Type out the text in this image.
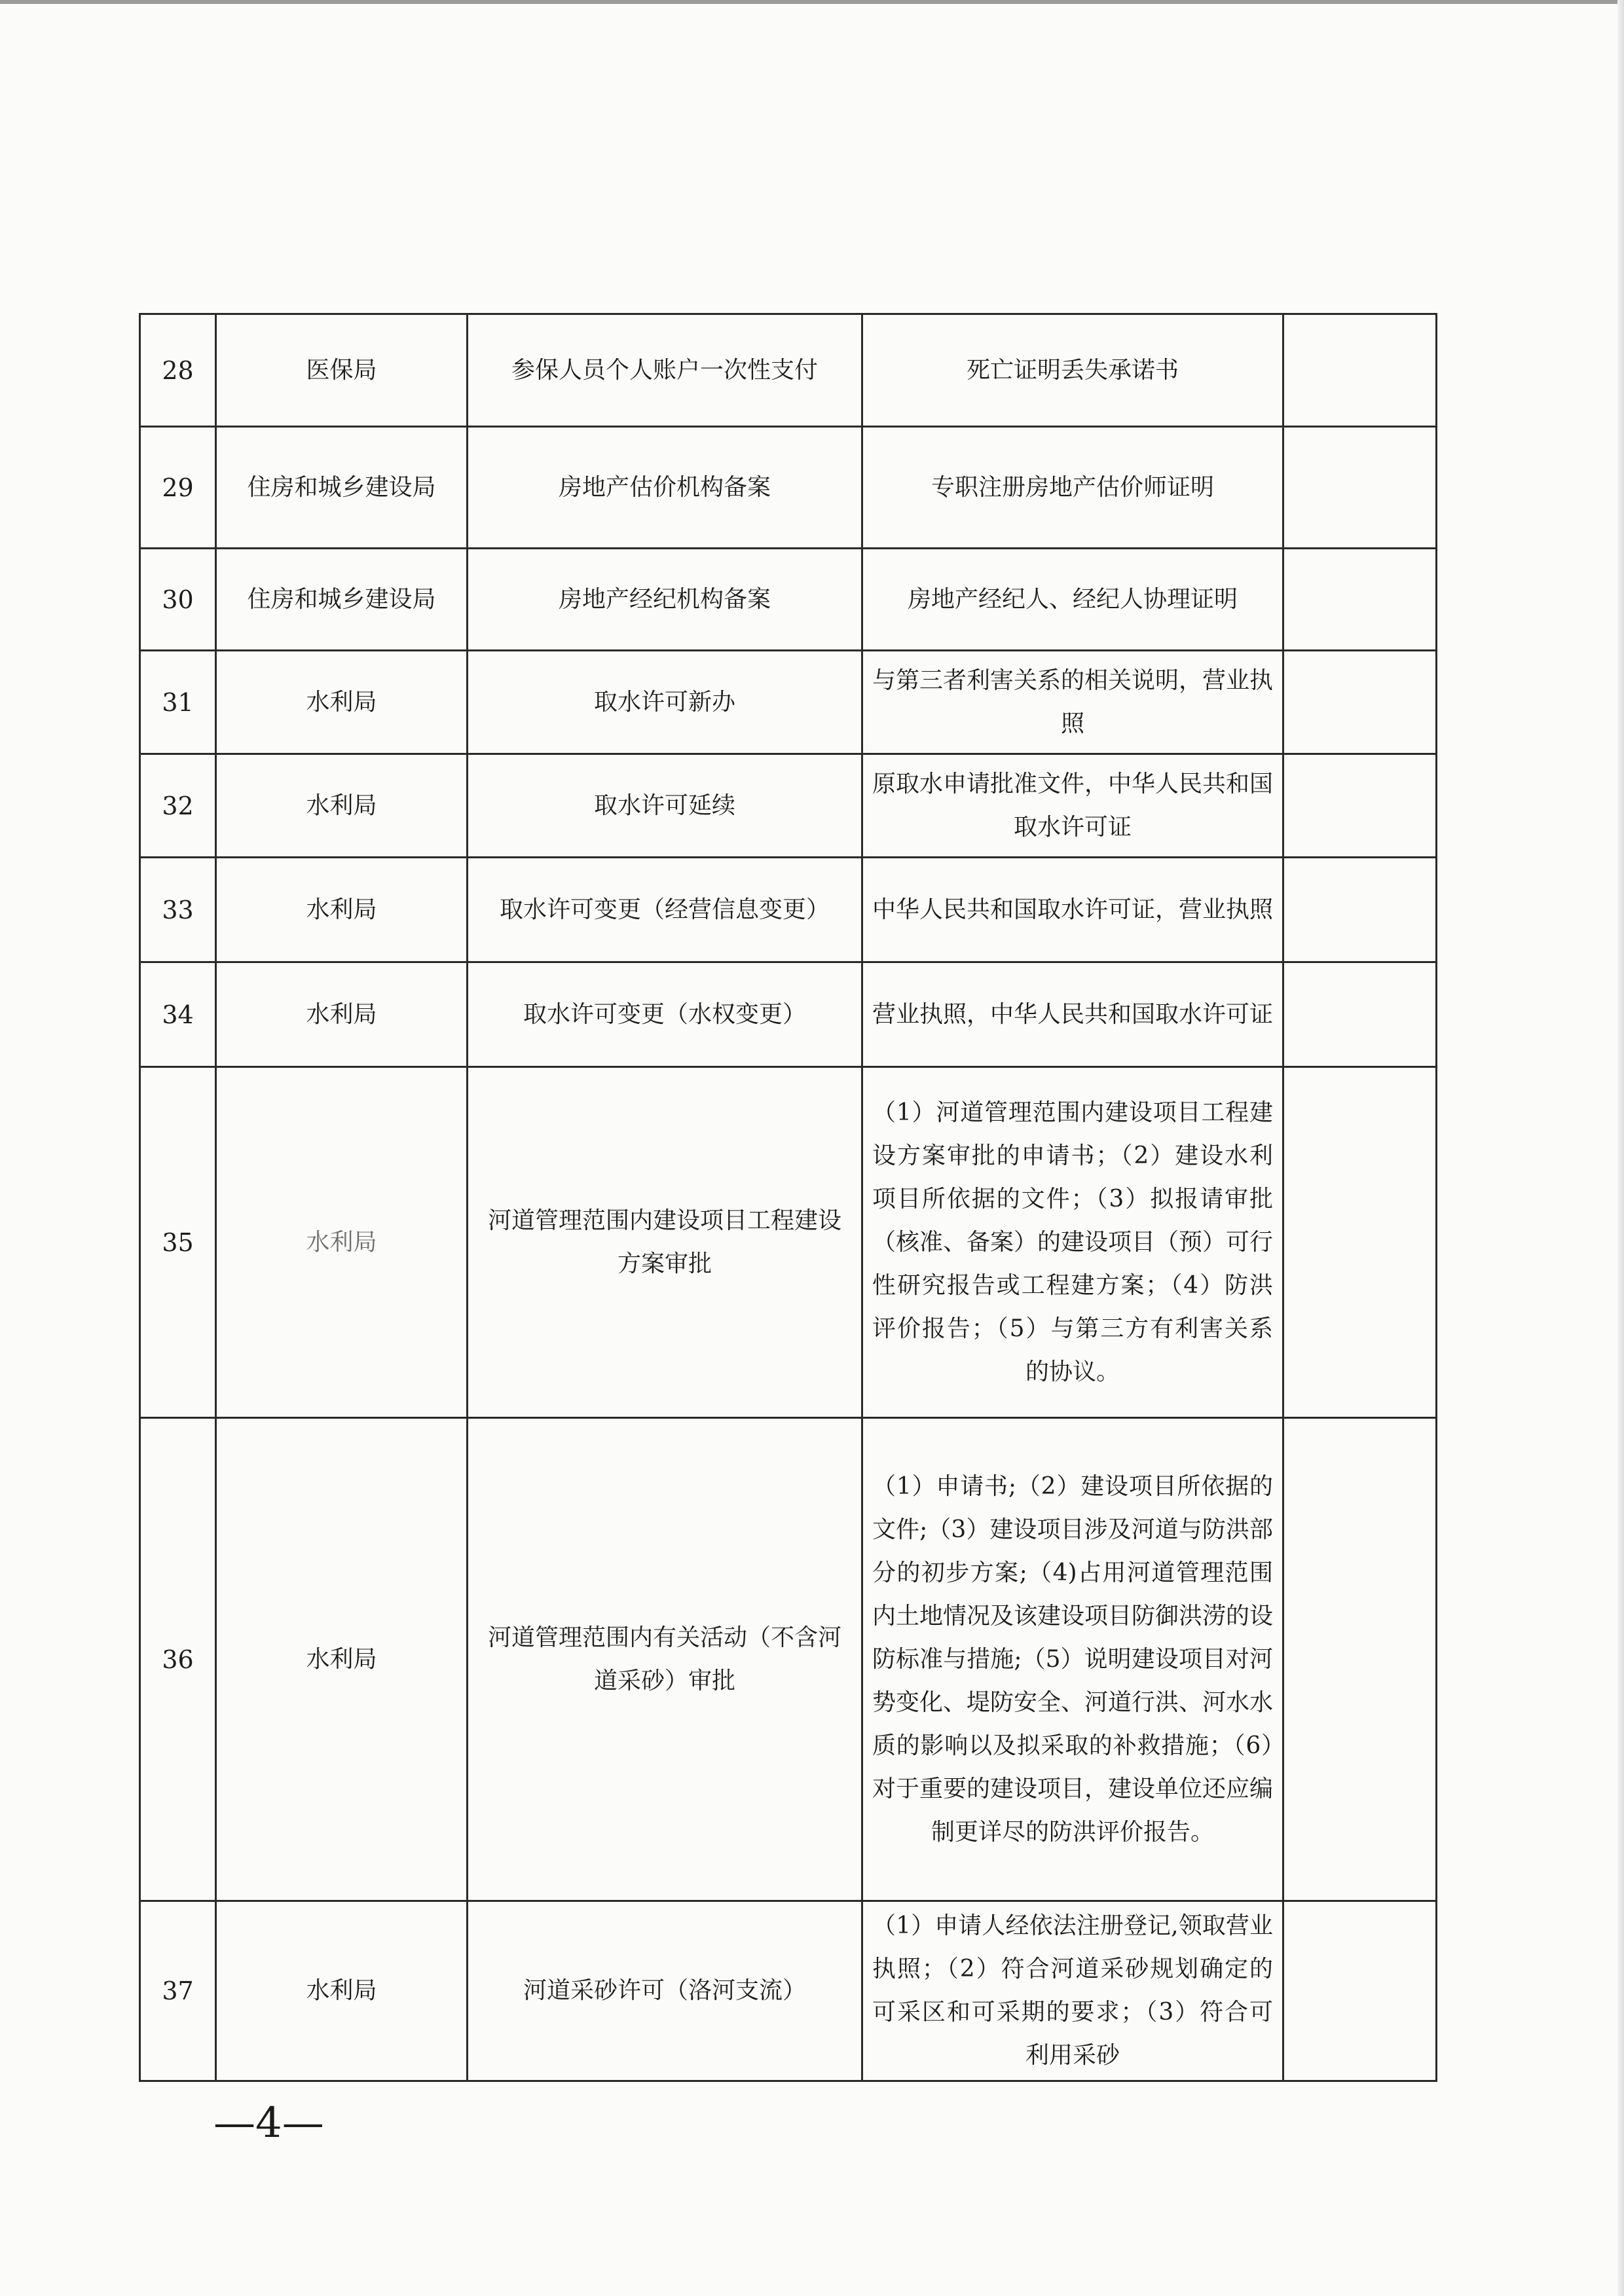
28	医保局	参保人员个人账户一次性支付	死亡证明丢失承诺书	
29	住房和城乡建设局	房地产估价机构备案	专职注册房地产估价师证明	
30	住房和城乡建设局	房地产经纪机构备案	房地产经纪人、经纪人协理证明	
31	水利局	取水许可新办	与第三者利害关系的相关说明，营业执照	
32	水利局	取水许可延续	原取水申请批准文件，中华人民共和国取水许可证	
33	水利局	取水许可变更（经营信息变更）	中华人民共和国取水许可证，营业执照	
34	水利局	取水许可变更（水权变更）	营业执照，中华人民共和国取水许可证	
35	水利局	河道管理范围内建设项目工程建设方案审批	（1）河道管理范围内建设项目工程建设方案审批的申请书；（2）建设水利项目所依据的文件；（3）拟报请审批（核准、备案）的建设项目（预）可行性研究报告或工程建方案；（4）防洪评价报告；（5）与第三方有利害关系的协议。	
36	水利局	河道管理范围内有关活动（不含河道采砂）审批	（1）申请书;（2）建设项目所依据的文件;（3）建设项目涉及河道与防洪部分的初步方案;（4)占用河道管理范围内土地情况及该建设项目防御洪涝的设防标准与措施;（5）说明建设项目对河势变化、堤防安全、河道行洪、河水水质的影响以及拟采取的补救措施；（6）对于重要的建设项目，建设单位还应编制更详尽的防洪评价报告。	
37	水利局	河道采砂许可（洛河支流）	（1）申请人经依法注册登记,领取营业执照；（2）符合河道采砂规划确定的可采区和可采期的要求；（3）符合可利用采砂	
—4—
